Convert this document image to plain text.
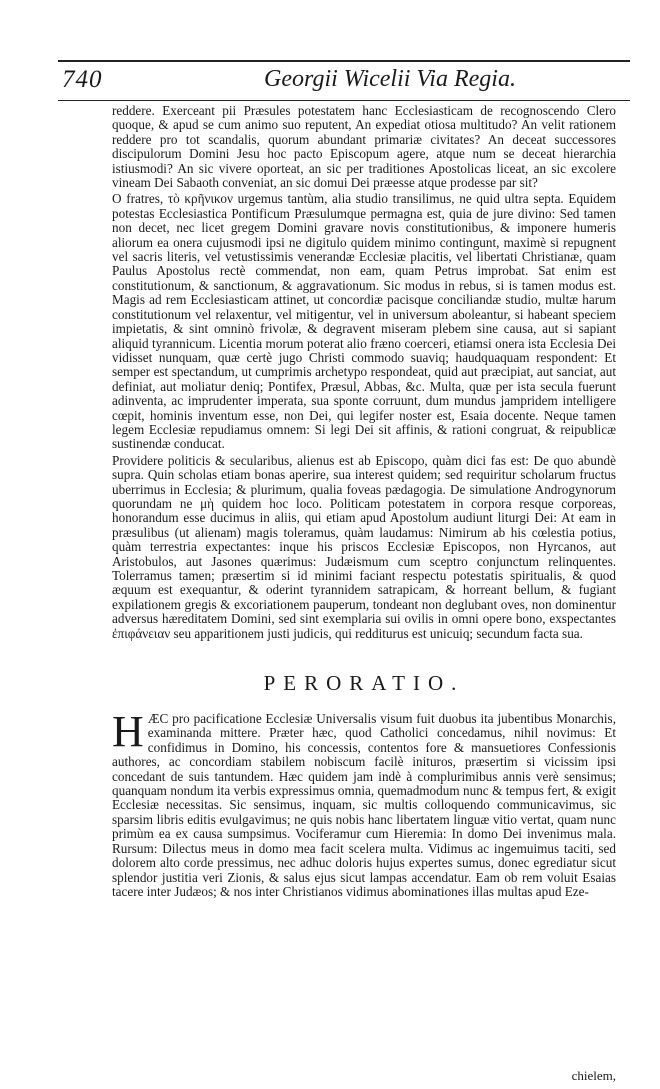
740	Georgii Wicelii Via Regia.

reddere. Exerceant pii Præsules potestatem hanc Ecclesiasticam de recognoscendo Clero quoque, & apud se cum animo suo reputent, An expediat otiosa multitudo? An velit rationem reddere pro tot scandalis, quorum abundant primariæ civitates? An deceat successores discipulorum Domini Jesu hoc pacto Episcopum agere, atque num se deceat hierarchia istiusmodi? An sic vivere oporteat, an sic per traditiones Apostolicas liceat, an sic excolere vineam Dei Sabaoth conveniat, an sic domui Dei præesse atque prodesse par sit?

O fratres, τὸ κρῆνικον urgemus tantùm, alia studio transilimus, ne quid ultra septa. Equidem potestas Ecclesiastica Pontificum Præsulumque permagna est, quia de jure divino: Sed tamen non decet, nec licet gregem Domini gravare novis constitutionibus, & imponere humeris aliorum ea onera cujusmodi ipsi ne digitulo quidem minimo contingunt, maximè si repugnent vel sacris literis, vel vetustissimis venerandæ Ecclesiæ placitis, vel libertati Christianæ, quam Paulus Apostolus rectè commendat, non eam, quam Petrus improbat. Sat enim est constitutionum, & sanctionum, & aggravationum. Sic modus in rebus, si is tamen modus est. Magis ad rem Ecclesiasticam attinet, ut concordiæ pacisque conciliandæ studio, multæ harum constitutionum vel relaxentur, vel mitigentur, vel in universum aboleantur, si habeant speciem impietatis, & sint omninò frivolæ, & degravent miseram plebem sine causa, aut si sapiant aliquid tyrannicum. Licentia morum poterat alio fræno coerceri, etiamsi onera ista Ecclesia Dei vidisset nunquam, quæ certè jugo Christi commodo suaviq; haudquaquam respondent: Et semper est spectandum, ut cumprimis archetypo respondeat, quid aut præcipiat, aut sanciat, aut definiat, aut moliatur deniq; Pontifex, Præsul, Abbas, &c. Multa, quæ per ista secula fuerunt adinventa, ac imprudenter imperata, sua sponte corruunt, dum mundus jampridem intelligere cœpit, hominis inventum esse, non Dei, qui legifer noster est, Esaia docente. Neque tamen legem Ecclesiæ repudiamus omnem: Si legi Dei sit affinis, & rationi congruat, & reipublicæ sustinendæ conducat.

Providere politicis & secularibus, alienus est ab Episcopo, quàm dici fas est: De quo abundè supra. Quin scholas etiam bonas aperire, sua interest quidem; sed requiritur scholarum fructus uberrimus in Ecclesia; & plurimum, qualia foveas pædagogia. De simulatione Androgynorum quorundam ne μὴ quidem hoc loco. Politicam potestatem in corpora resque corporeas, honorandum esse ducimus in aliis, qui etiam apud Apostolum audiunt liturgi Dei: At eam in præsulibus (ut alienam) magis toleramus, quàm laudamus: Nimirum ab his cœlestia potius, quàm terrestria expectantes: inque his priscos Ecclesiæ Episcopos, non Hyrcanos, aut Aristobulos, aut Jasones quærimus: Judæismum cum sceptro conjunctum relinquentes. Tolerramus tamen; præsertim si id minimi faciant respectu potestatis spiritualis, & quod æquum est exequantur, & oderint tyrannidem satrapicam, & horreant bellum, & fugiant expilationem gregis & excoriationem pauperum, tondeant non deglubant oves, non dominentur adversus hæreditatem Domini, sed sint exemplaria sui ovilis in omni opere bono, exspectantes ἐπιφάνειαν seu apparitionem justi judicis, qui redditurus est unicuiq; secundum facta sua.

PERORATIO.

H ÆC pro pacificatione Ecclesiæ Universalis visum fuit duobus ita jubentibus Monarchis, examinanda mittere. Præter hæc, quod Catholici concedamus, nihil novimus: Et confidimus in Domino, his concessis, contentos fore & mansuetiores Confessionis authores, ac concordiam stabilem nobiscum facilè inituros, præsertim si vicissim ipsi concedant de suis tantundem. Hæc quidem jam indè à complurimibus annis verè sensimus; quanquam nondum ita verbis expressimus omnia, quemadmodum nunc & tempus fert, & exigit Ecclesiæ necessitas. Sic sensimus, inquam, sic multis colloquendo communicavimus, sic sparsim libris editis evulgavimus; ne quis nobis hanc libertatem linguæ vitio vertat, quam nunc primùm ea ex causa sumpsimus. Vociferamur cum Hieremia: In domo Dei invenimus mala. Rursum: Dilectus meus in domo mea facit scelera multa. Vidimus ac ingemuimus taciti, sed dolorem alto corde pressimus, nec adhuc doloris hujus expertes sumus, donec egrediatur sicut splendor justitia veri Zionis, & salus ejus sicut lampas accendatur. Eam ob rem voluit Esaias tacere inter Judæos; & nos inter Christianos vidimus abominationes illas multas apud Eze-

chielem,
